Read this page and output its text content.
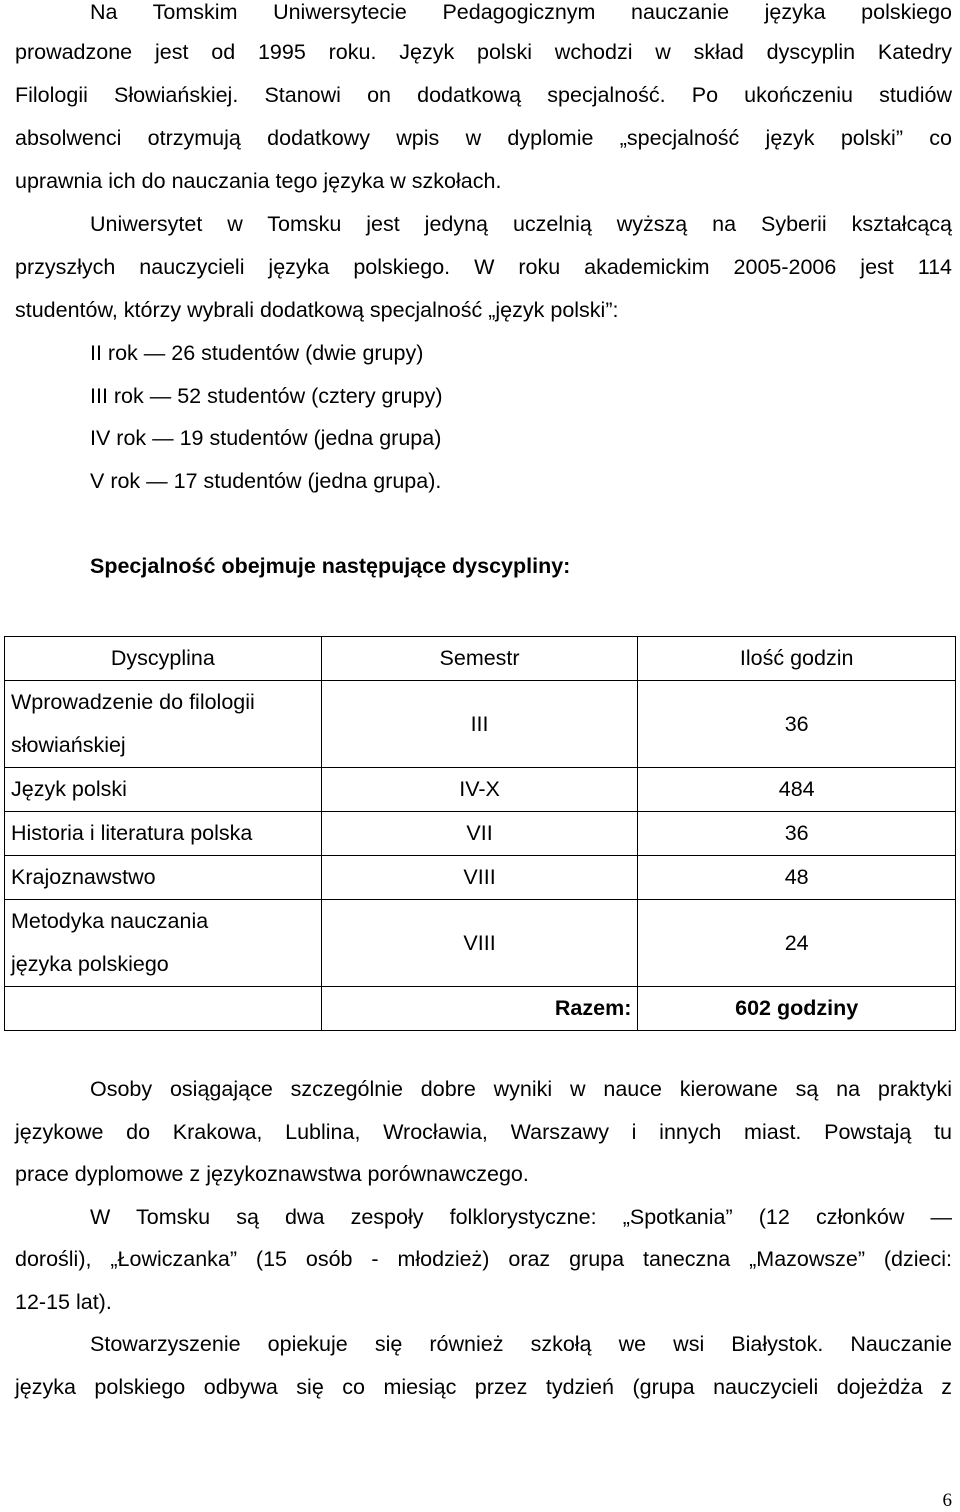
Na Tomskim Uniwersytecie Pedagogicznym nauczanie języka polskiego
prowadzone jest od 1995 roku. Język polski wchodzi w skład dyscyplin Katedry
Filologii Słowiańskiej. Stanowi on dodatkową specjalność. Po ukończeniu studiów
absolwenci otrzymują dodatkowy wpis w dyplomie „specjalność język polski” co
uprawnia ich do nauczania tego języka w szkołach.
Uniwersytet w Tomsku jest jedyną uczelnią wyższą na Syberii kształcącą
przyszłych nauczycieli języka polskiego. W roku akademickim 2005-2006 jest 114
studentów, którzy wybrali dodatkową specjalność „język polski”:
II rok — 26 studentów (dwie grupy)
III rok — 52 studentów (cztery grupy)
IV rok — 19 studentów (jedna grupa)
V rok — 17 studentów (jedna grupa).
Specjalność obejmuje następujące dyscypliny:
Osoby osiągające szczególnie dobre wyniki w nauce kierowane są na praktyki
językowe do Krakowa, Lublina, Wrocławia, Warszawy i innych miast. Powstają tu
prace dyplomowe z językoznawstwa porównawczego.
W Tomsku są dwa zespoły folklorystyczne: „Spotkania” (12 członków —
dorośli), „Łowiczanka” (15 osób - młodzież) oraz grupa taneczna „Mazowsze” (dzieci:
12-15 lat).
Stowarzyszenie opiekuje się również szkołą we wsi Białystok. Nauczanie
języka polskiego odbywa się co miesiąc przez tydzień (grupa nauczycieli dojeżdża z
Dyscyplina	Semestr	Ilość godzin

Wprowadzenie do filologii
słowiańskiej	III	36
Język polski	IV-X	484
Historia i literatura polska	VII	36
Krajoznawstwo	VIII	48

Metodyka nauczania
języka polskiego	VIII	24
	Razem:	602 godziny
6
